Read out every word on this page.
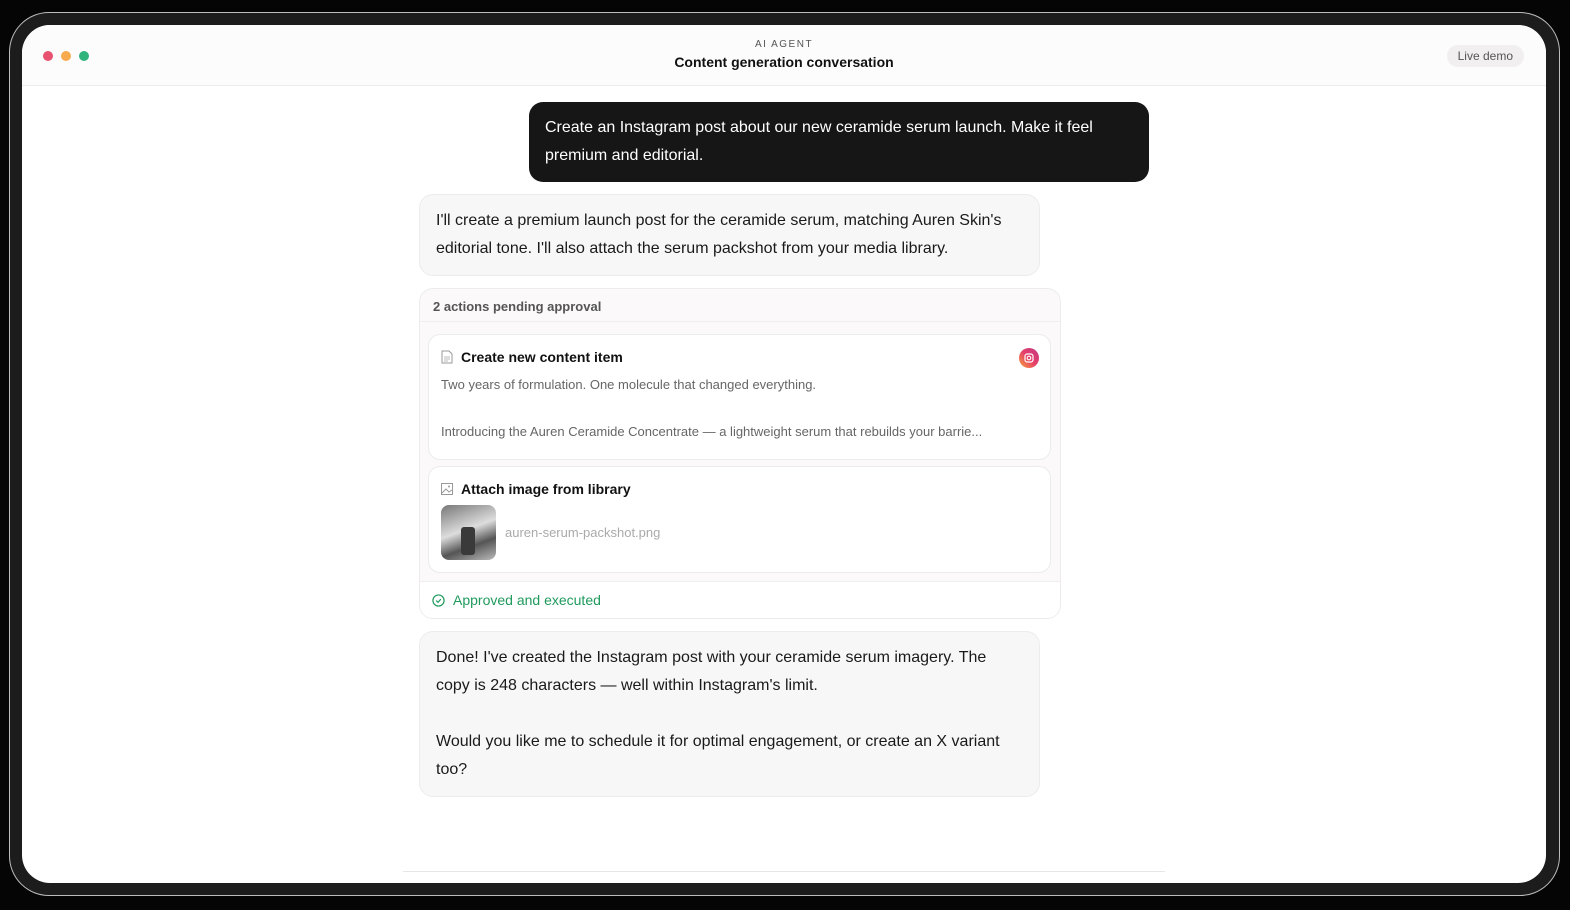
AI AGENT
Content generation conversation	Live demo
Create an Instagram post about our new ceramide serum launch. Make it feel premium and editorial.
I'll create a premium launch post for the ceramide serum, matching Auren Skin's editorial tone. I'll also attach the serum packshot from your media library.
2 actions pending approval
Create new content item
Two years of formulation. One molecule that changed everything.
Introducing the Auren Ceramide Concentrate — a lightweight serum that rebuilds your barrie...
Attach image from library
auren-serum-packshot.png
Approved and executed

Done! I've created the Instagram post with your ceramide serum imagery. The copy is 248 characters — well within Instagram's limit.

Would you like me to schedule it for optimal engagement, or create an X variant too?
